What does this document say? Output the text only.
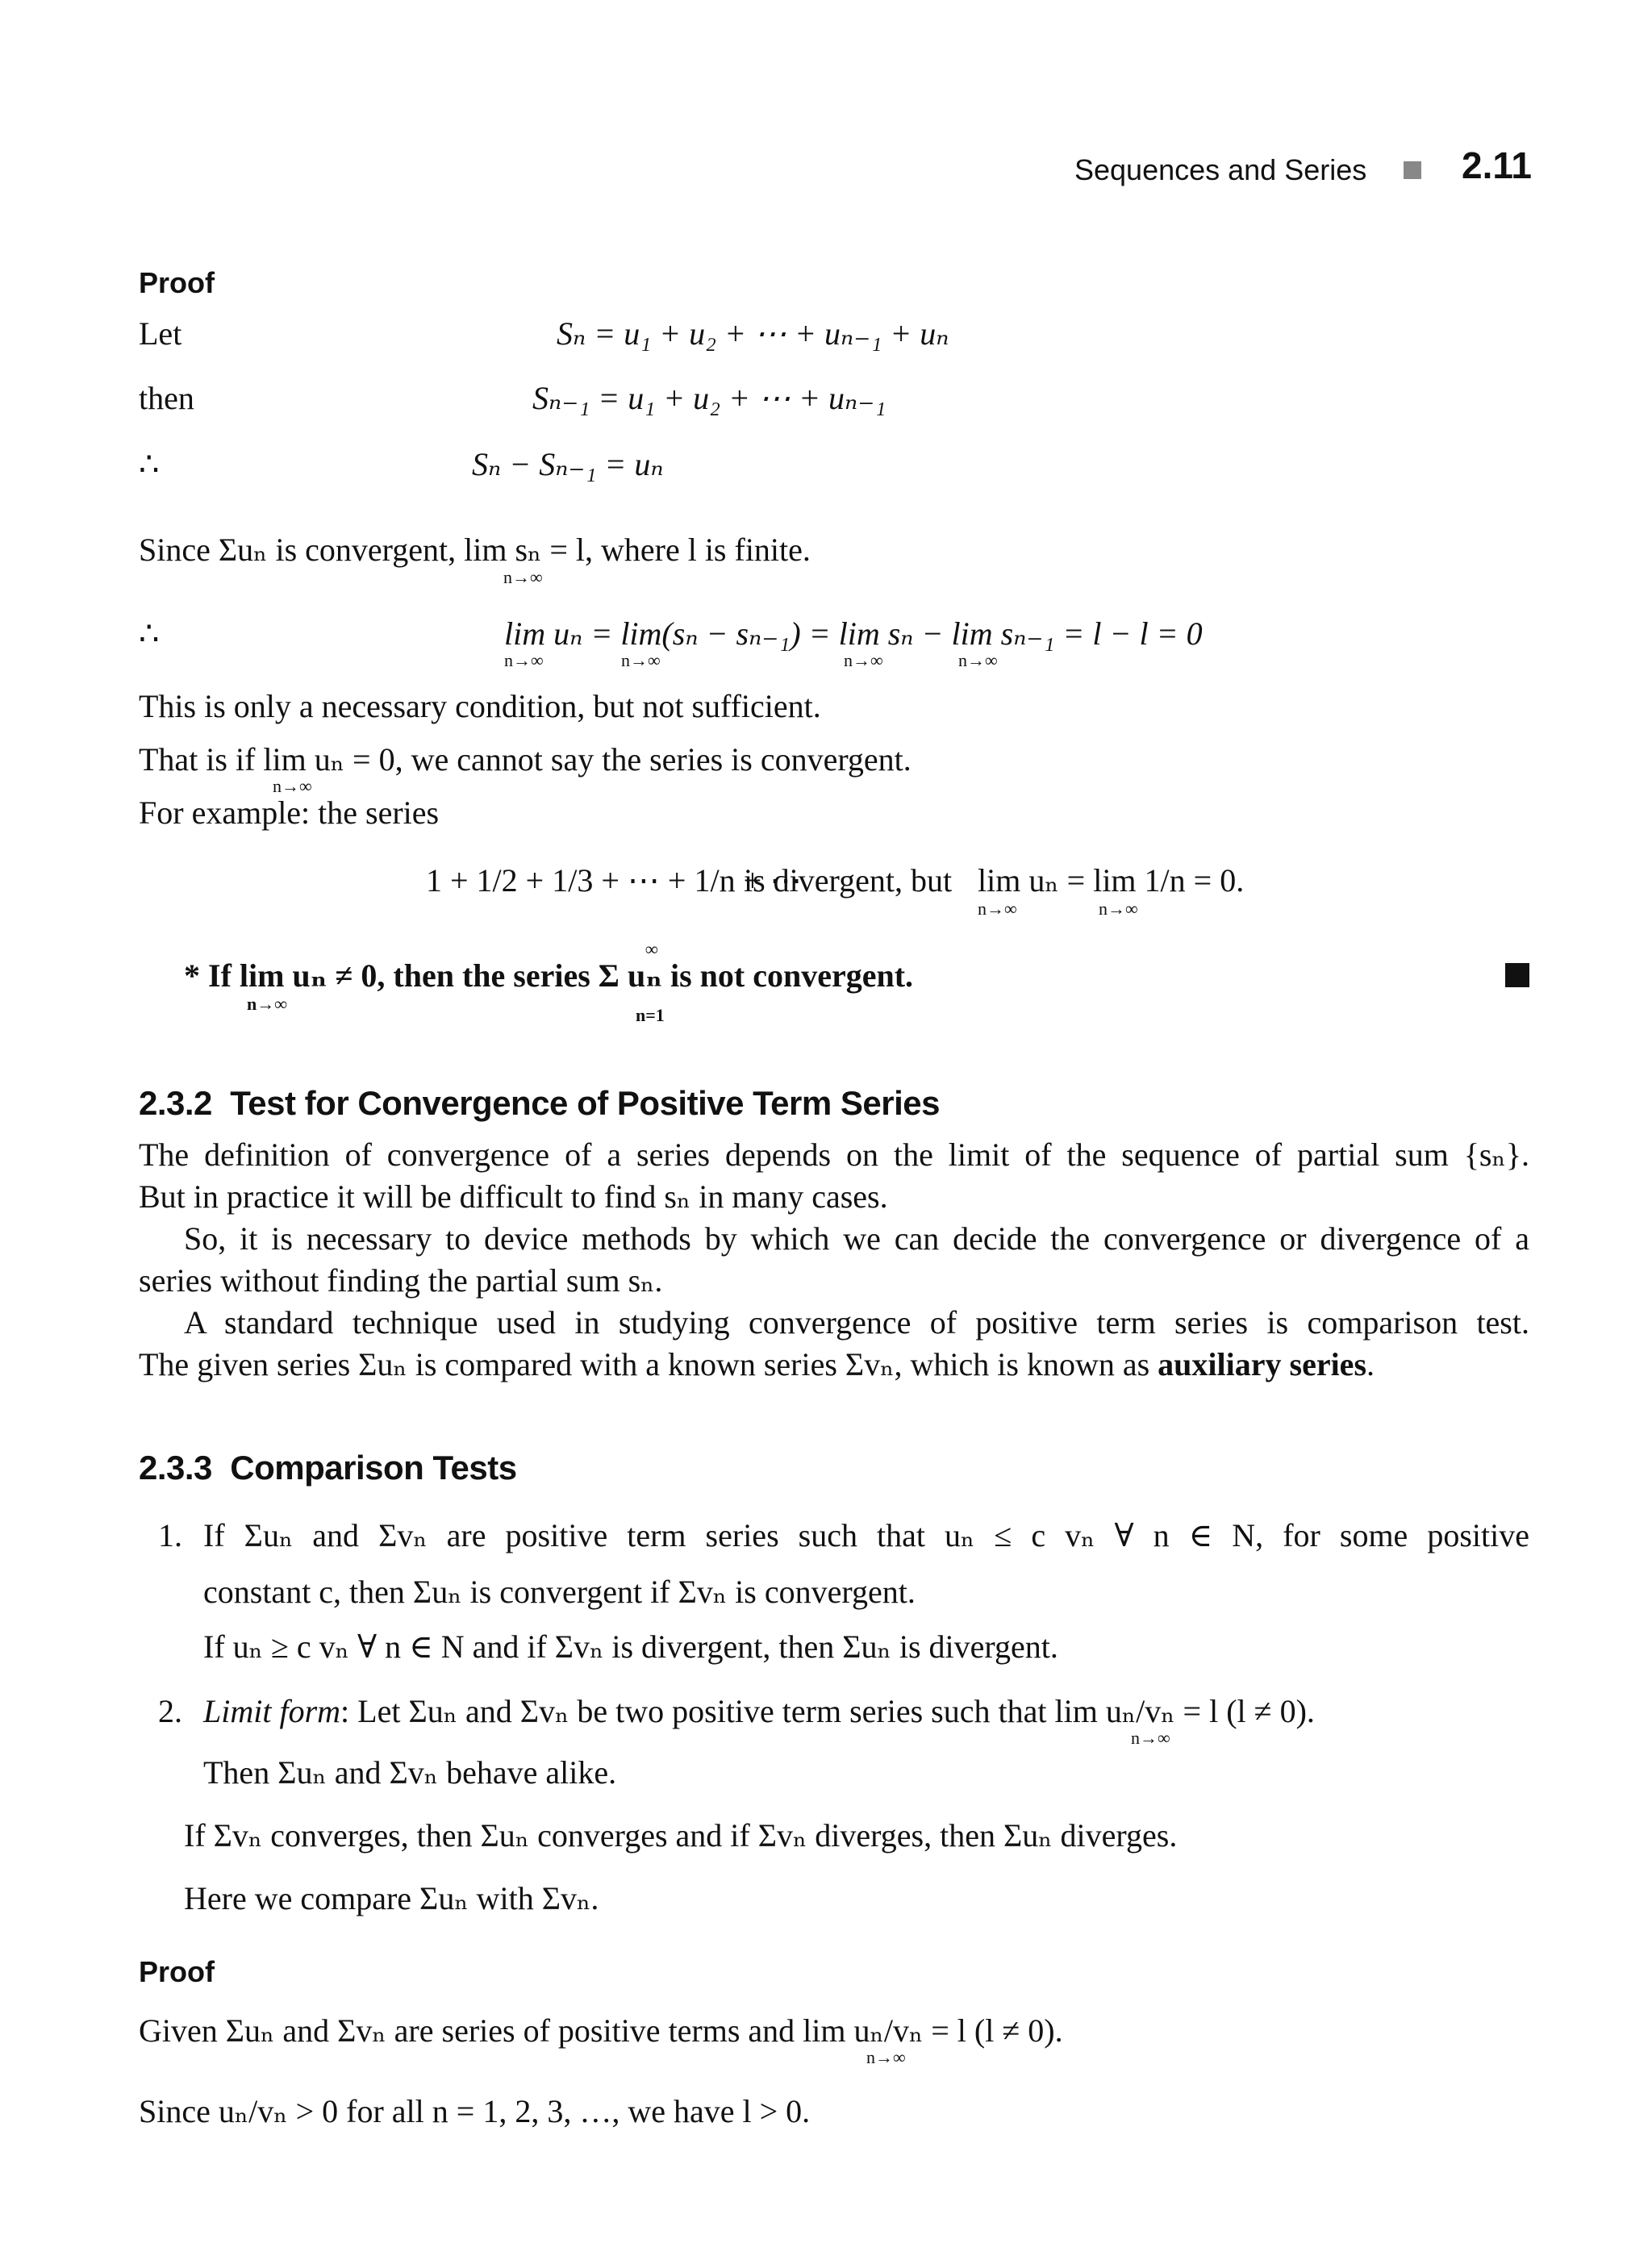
Sequences and Series	2.11
Proof
Let	Sₙ = u₁ + u₂ + ⋯ + uₙ₋₁ + uₙ
then	Sₙ₋₁ = u₁ + u₂ + ⋯ + uₙ₋₁
∴	Sₙ − Sₙ₋₁ = uₙ
Since Σuₙ is convergent, lim sₙ = l, where l is finite.
n→∞
∴	lim uₙ = lim(sₙ − sₙ₋₁) = lim sₙ − lim sₙ₋₁ = l − l = 0
n→∞	n→∞	n→∞	n→∞
This is only a necessary condition, but not sufficient.
That is if lim uₙ = 0, we cannot say the series is convergent.
n→∞
For example: the series
1 + 1/2 + 1/3 + ⋯ + 1/n + ⋯
is divergent, but lim uₙ = lim 1/n = 0.
n→∞	n→∞
* If lim uₙ ≠ 0, then the series Σ uₙ is not convergent.
n→∞
∞
n=1
2.3.2 Test for Convergence of Positive Term Series
The definition of convergence of a series depends on the limit of the sequence of partial sum {sₙ}.
But in practice it will be difficult to find sₙ in many cases.
So, it is necessary to device methods by which we can decide the convergence or divergence of a
series without finding the partial sum sₙ.
A standard technique used in studying convergence of positive term series is comparison test.
The given series Σuₙ is compared with a known series Σvₙ, which is known as auxiliary series.
2.3.3 Comparison Tests
1. If Σuₙ and Σvₙ are positive term series such that uₙ ≤ c vₙ ∀ n ∈ N, for some positive
constant c, then Σuₙ is convergent if Σvₙ is convergent.
If uₙ ≥ c vₙ ∀ n ∈ N and if Σvₙ is divergent, then Σuₙ is divergent.
2. Limit form: Let Σuₙ and Σvₙ be two positive term series such that lim uₙ/vₙ = l (l ≠ 0).
n→∞
Then Σuₙ and Σvₙ behave alike.
If Σvₙ converges, then Σuₙ converges and if Σvₙ diverges, then Σuₙ diverges.
Here we compare Σuₙ with Σvₙ.
Proof
Given Σuₙ and Σvₙ are series of positive terms and lim uₙ/vₙ = l (l ≠ 0).
n→∞
Since uₙ/vₙ > 0 for all n = 1, 2, 3, …, we have l > 0.
